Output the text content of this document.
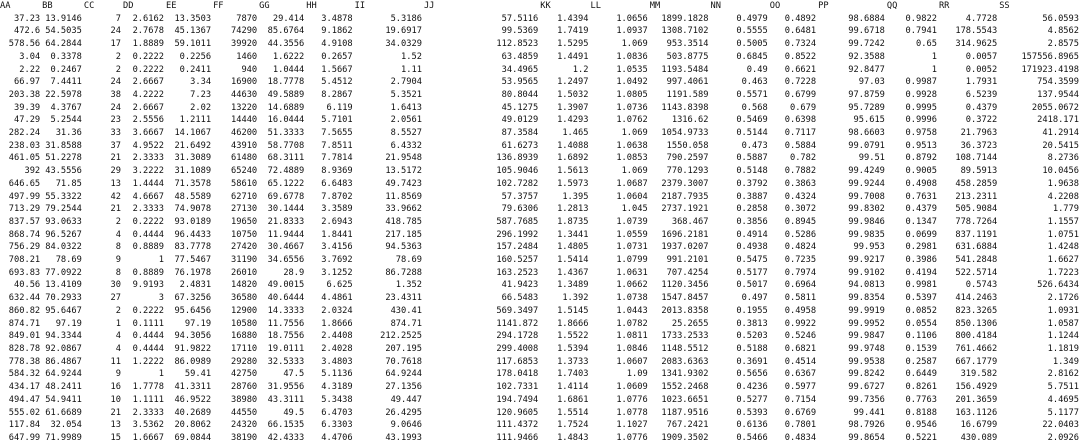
AA	BB	CC	DD	EE	FF	GG	HH	II	JJ	KK	LL	MM	NN	OO	PP	QQ	RR	SS
37.23	13.9146	7	2.6162	13.3503	7870	29.414	3.4878	5.3186	57.5116	1.4394	1.0656	1899.1828	0.4979	0.4892	98.6884	0.9822	4.7728	56.0593
472.6	54.5035	24	2.7678	45.1367	74290	85.6764	9.1862	19.6917	99.5369	1.7419	1.0937	1308.7102	0.5555	0.6481	99.6718	0.7941	178.5543	4.8562
578.56	64.2844	17	1.8889	59.1011	39920	44.3556	4.9108	34.0329	112.8523	1.5295	1.069	953.3514	0.5005	0.7324	99.7242	0.65	314.9625	2.8575
3.04	0.3378	2	0.2222	0.2256	1460	1.6222	0.2657	1.52	63.4859	1.4491	1.0836	503.8775	0.6845	0.8522	92.3588	1	0.0057	157556.8965
2.22	0.2467	2	0.2222	0.2411	940	1.0444	1.5667	1.11	34.4965	1.2	1.0535	1193.5484	0.49	0.6621	92.8477	1	0.0052	171923.4198
66.97	7.4411	24	2.6667	3.34	16900	18.7778	5.4512	2.7904	53.9565	1.2497	1.0492	997.4061	0.463	0.7228	97.03	0.9987	1.7931	754.3599
203.38	22.5978	38	4.2222	7.23	44630	49.5889	8.2867	5.3521	80.8044	1.5032	1.0805	1191.589	0.5571	0.6799	97.8759	0.9928	6.5239	137.9544
39.39	4.3767	24	2.6667	2.02	13220	14.6889	6.119	1.6413	45.1275	1.3907	1.0736	1143.8398	0.568	0.679	95.7289	0.9995	0.4379	2055.0672
47.29	5.2544	23	2.5556	1.2111	14440	16.0444	5.7101	2.0561	49.0129	1.4293	1.0762	1316.62	0.5469	0.6398	95.615	0.9996	0.3722	2418.171
282.24	31.36	33	3.6667	14.1067	46200	51.3333	7.5655	8.5527	87.3584	1.465	1.069	1054.9733	0.5144	0.7117	98.6603	0.9758	21.7963	41.2914
238.03	31.8588	37	4.9522	21.6492	43910	58.7708	7.8511	6.4332	61.6273	1.4088	1.0638	1550.058	0.473	0.5884	99.0791	0.9513	36.3723	20.5415
461.05	51.2278	21	2.3333	31.3089	61480	68.3111	7.7814	21.9548	136.8939	1.6892	1.0853	790.2597	0.5887	0.782	99.51	0.8792	108.7144	8.2736
392	43.5556	29	3.2222	31.1089	65240	72.4889	8.9369	13.5172	105.9046	1.5613	1.069	770.1293	0.5148	0.7882	99.4249	0.9005	89.5913	10.0456
646.65	71.85	13	1.4444	71.3578	58610	65.1222	6.6483	49.7423	102.7282	1.5973	1.0687	2379.3007	0.3792	0.3863	99.9244	0.4908	458.2859	1.9638
497.99	55.3322	42	4.6667	48.5589	62710	69.6778	7.8702	11.8569	57.3757	1.395	1.0604	2187.7935	0.3887	0.4324	99.7008	0.7631	213.2311	4.2208
713.29	79.2544	21	2.3333	74.9078	27130	30.1444	3.3589	33.9662	79.6306	1.2813	1.045	2737.1921	0.2858	0.3072	99.8302	0.4379	505.9084	1.779
837.57	93.0633	2	0.2222	93.0189	19650	21.8333	2.6943	418.785	587.7685	1.8735	1.0739	368.467	0.3856	0.8945	99.9846	0.1347	778.7264	1.1557
868.74	96.5267	4	0.4444	96.4433	10750	11.9444	1.8441	217.185	296.1992	1.3441	1.0559	1696.2181	0.4914	0.5286	99.9835	0.0699	837.1191	1.0751
756.29	84.0322	8	0.8889	83.7778	27420	30.4667	3.4156	94.5363	157.2484	1.4805	1.0731	1937.0207	0.4938	0.4824	99.953	0.2981	631.6884	1.4248
708.21	78.69	9	1	77.5467	31190	34.6556	3.7692	78.69	160.5257	1.5414	1.0799	991.2101	0.5475	0.7235	99.9217	0.3986	541.2848	1.6627
693.83	77.0922	8	0.8889	76.1978	26010	28.9	3.1252	86.7288	163.2523	1.4367	1.0631	707.4254	0.5177	0.7974	99.9102	0.4194	522.5714	1.7223
40.56	13.4109	30	9.9193	2.4831	14820	49.0015	6.625	1.352	41.9423	1.3489	1.0662	1120.3456	0.5017	0.6964	94.0813	0.9981	0.5743	526.6434
632.44	70.2933	27	3	67.3256	36580	40.6444	4.4861	23.4311	66.5483	1.392	1.0738	1547.8457	0.497	0.5811	99.8354	0.5397	414.2463	2.1726
860.82	95.6467	2	0.2222	95.6456	12900	14.3333	2.0324	430.41	569.3497	1.5145	1.0443	2013.8358	0.1955	0.4958	99.9919	0.0852	823.3265	1.0931
874.71	97.19	1	0.1111	97.19	10580	11.7556	1.8666	874.71	1141.872	1.8666	1.0782	25.2655	0.3813	0.9922	99.9952	0.0554	850.1306	1.0587
849.01	94.3344	4	0.4444	94.3056	16880	18.7556	2.4408	212.2525	294.1728	1.5522	1.0811	1733.2533	0.5203	0.5246	99.9847	0.1106	800.4184	1.1244
828.78	92.0867	4	0.4444	91.9822	17110	19.0111	2.4028	207.195	299.4008	1.5394	1.0846	1148.5512	0.5188	0.6821	99.9748	0.1539	761.4662	1.1819
778.38	86.4867	11	1.2222	86.0989	29280	32.5333	3.4803	70.7618	117.6853	1.3733	1.0607	2083.6363	0.3691	0.4514	99.9538	0.2587	667.1779	1.349
584.32	64.9244	9	1	59.41	42750	47.5	5.1136	64.9244	178.0418	1.7403	1.09	1341.9302	0.5656	0.6367	99.8242	0.6449	319.582	2.8162
434.17	48.2411	16	1.7778	41.3311	28760	31.9556	4.3189	27.1356	102.7331	1.4114	1.0609	1552.2468	0.4236	0.5977	99.6727	0.8261	156.4929	5.7511
494.47	54.9411	10	1.1111	46.9522	38980	43.3111	5.3438	49.447	194.7494	1.6861	1.0776	1023.6651	0.5277	0.7154	99.7356	0.7763	201.3659	4.4695
555.02	61.6689	21	2.3333	40.2689	44550	49.5	6.4703	26.4295	120.9605	1.5514	1.0778	1187.9516	0.5393	0.6769	99.441	0.8188	163.1126	5.1177
117.84	32.054	13	3.5362	20.8062	24320	66.1535	6.3303	9.0646	111.4372	1.7524	1.1027	767.2421	0.6136	0.7801	98.7926	0.9546	16.6799	22.0403
647.99	71.9989	15	1.6667	69.0844	38190	42.4333	4.4706	43.1993	111.9466	1.4843	1.0776	1909.3502	0.5466	0.4834	99.8654	0.5221	430.089	2.0926
